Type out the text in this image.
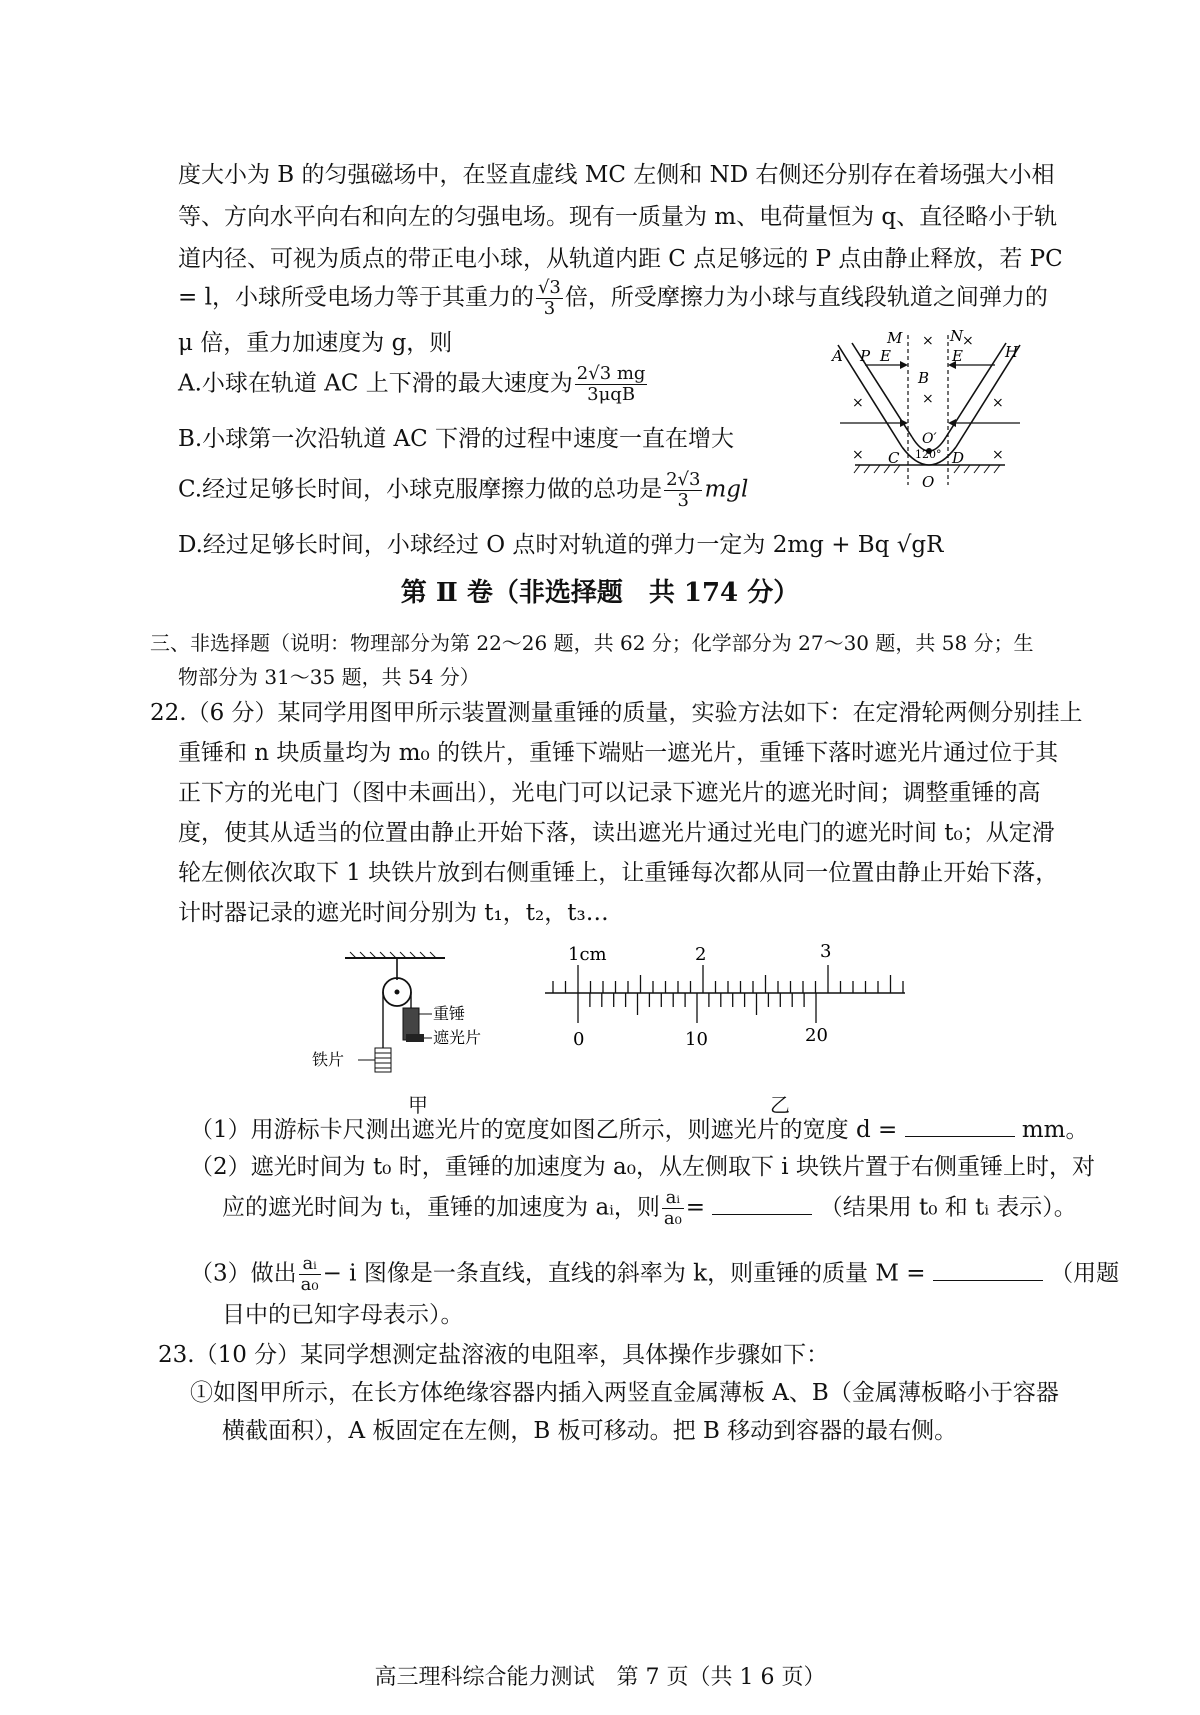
度大小为 B 的匀强磁场中，在竖直虚线 MC 左侧和 ND 右侧还分别存在着场强大小相
等、方向水平向右和向左的匀强电场。现有一质量为 m、电荷量恒为 q、直径略小于轨
道内径、可视为质点的带正电小球，从轨道内距 C 点足够远的 P 点由静止释放，若 PC
= l，小球所受电场力等于其重力的 $\frac{√3}{3}$ 倍，所受摩擦力为小球与直线段轨道之间弹力的
μ 倍，重力加速度为 g，则
A.小球在轨道 AC 上下滑的最大速度为 $\frac{2√3 mg}{\text{3μqB}}$
B.小球第一次沿轨道 AC 下滑的过程中速度一直在增大
C.经过足够长时间，小球克服摩擦力做的总功是 $\frac{2√3}{3}$ mgl
D.经过足够长时间，小球经过 O 点时对轨道的弹力一定为 2mg + Bq √gR
A P E
M	N
E	H
B
O′
120°
C	D
O
× ×
×
×	×
×	×
第 Ⅱ 卷（非选择题　共 174 分）
三、非选择题（说明：物理部分为第 22～26 题，共 62 分；化学部分为 27～30 题，共 58 分；生
物部分为 31～35 题，共 54 分）
22.（6 分）某同学用图甲所示装置测量重锤的质量，实验方法如下：在定滑轮两侧分别挂上
重锤和 n 块质量均为 m₀ 的铁片，重锤下端贴一遮光片，重锤下落时遮光片通过位于其
正下方的光电门（图中未画出），光电门可以记录下遮光片的遮光时间；调整重锤的高
度，使其从适当的位置由静止开始下落，读出遮光片通过光电门的遮光时间 t₀；从定滑
轮左侧依次取下 1 块铁片放到右侧重锤上，让重锤每次都从同一位置由静止开始下落，
计时器记录的遮光时间分别为 t₁，t₂，t₃…
重锤
遮光片
铁片
甲
1cm	2	3
0	10	20
乙
（1）用游标卡尺测出遮光片的宽度如图乙所示，则遮光片的宽度 d =	mm。
（2）遮光时间为 t₀ 时，重锤的加速度为 a₀，从左侧取下 i 块铁片置于右侧重锤上时，对
应的遮光时间为 tᵢ，重锤的加速度为 aᵢ，则 $\frac{\text{aᵢ}}{\text{a₀}}$ =	（结果用 t₀ 和 tᵢ 表示）。
（3）做出 $\frac{\text{aᵢ}}{\text{a₀}} - i$ 图像是一条直线，直线的斜率为 k，则重锤的质量 M =	（用题
目中的已知字母表示）。
23.（10 分）某同学想测定盐溶液的电阻率，具体操作步骤如下：
①如图甲所示，在长方体绝缘容器内插入两竖直金属薄板 A、B（金属薄板略小于容器
横截面积），A 板固定在左侧，B 板可移动。把 B 移动到容器的最右侧。
高三理科综合能力测试　第 7 页（共 1 6 页）
